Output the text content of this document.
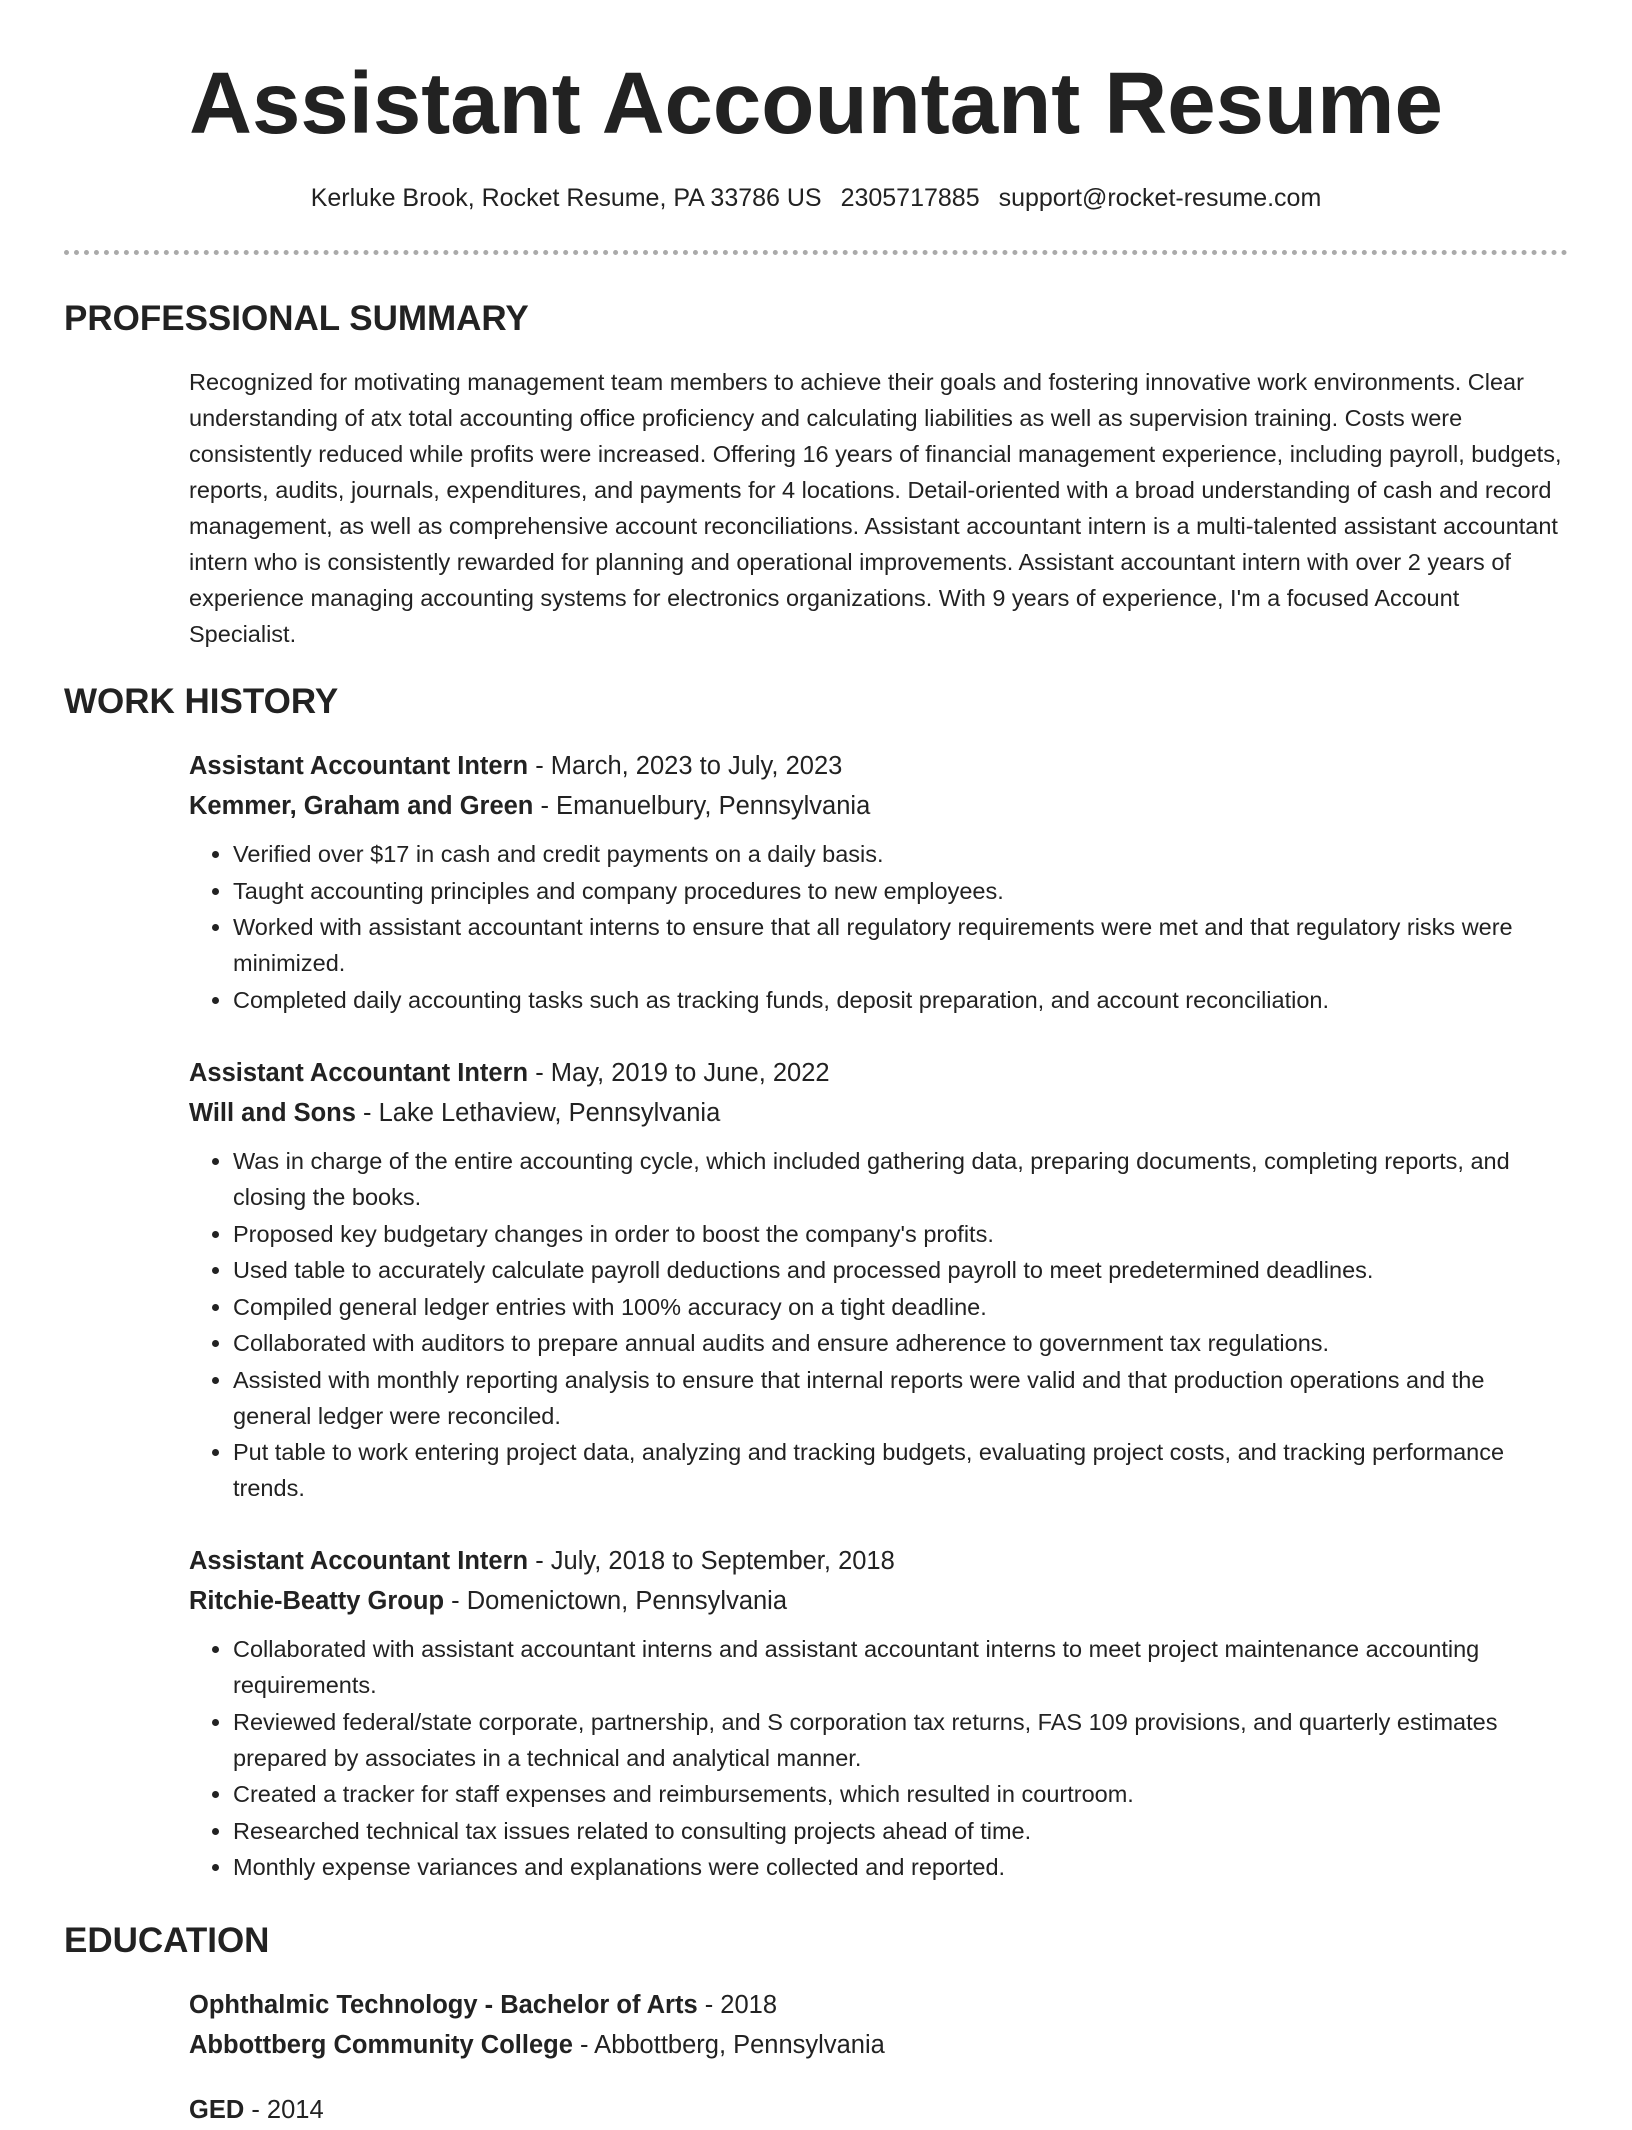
Assistant Accountant Resume
Kerluke Brook, Rocket Resume, PA 33786 US 2305717885 support@rocket-resume.com
PROFESSIONAL SUMMARY

Recognized for motivating management team members to achieve their goals and fostering innovative work environments. Clear understanding of atx total accounting office proficiency and calculating liabilities as well as supervision training. Costs were consistently reduced while profits were increased. Offering 16 years of financial management experience, including payroll, budgets, reports, audits, journals, expenditures, and payments for 4 locations. Detail-oriented with a broad understanding of cash and record management, as well as comprehensive account reconciliations. Assistant accountant intern is a multi-talented assistant accountant intern who is consistently rewarded for planning and operational improvements. Assistant accountant intern with over 2 years of experience managing accounting systems for electronics organizations. With 9 years of experience, I'm a focused Account Specialist.

WORK HISTORY

Assistant Accountant Intern - March, 2023 to July, 2023

Kemmer, Graham and Green - Emanuelbury, Pennsylvania

• Verified over $17 in cash and credit payments on a daily basis.
• Taught accounting principles and company procedures to new employees.
• Worked with assistant accountant interns to ensure that all regulatory requirements were met and that regulatory risks were minimized.
• Completed daily accounting tasks such as tracking funds, deposit preparation, and account reconciliation.

Assistant Accountant Intern - May, 2019 to June, 2022

Will and Sons - Lake Lethaview, Pennsylvania

• Was in charge of the entire accounting cycle, which included gathering data, preparing documents, completing reports, and closing the books.
• Proposed key budgetary changes in order to boost the company's profits.
• Used table to accurately calculate payroll deductions and processed payroll to meet predetermined deadlines.
• Compiled general ledger entries with 100% accuracy on a tight deadline.
• Collaborated with auditors to prepare annual audits and ensure adherence to government tax regulations.
• Assisted with monthly reporting analysis to ensure that internal reports were valid and that production operations and the general ledger were reconciled.
• Put table to work entering project data, analyzing and tracking budgets, evaluating project costs, and tracking performance trends.

Assistant Accountant Intern - July, 2018 to September, 2018

Ritchie-Beatty Group - Domenictown, Pennsylvania

• Collaborated with assistant accountant interns and assistant accountant interns to meet project maintenance accounting requirements.
• Reviewed federal/state corporate, partnership, and S corporation tax returns, FAS 109 provisions, and quarterly estimates prepared by associates in a technical and analytical manner.
• Created a tracker for staff expenses and reimbursements, which resulted in courtroom.
• Researched technical tax issues related to consulting projects ahead of time.
• Monthly expense variances and explanations were collected and reported.
EDUCATION

Ophthalmic Technology - Bachelor of Arts - 2018

Abbottberg Community College - Abbottberg, Pennsylvania

GED - 2014
